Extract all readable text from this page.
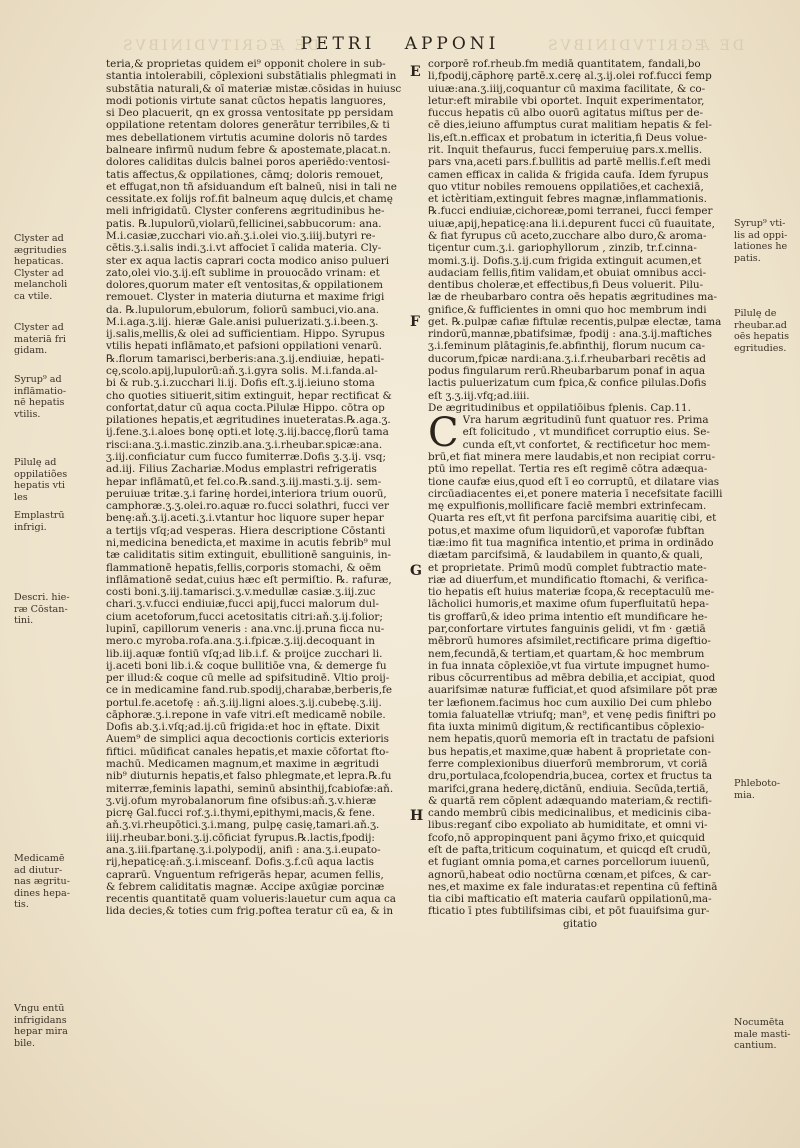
DE ÆGRITVDINIBVS	DE ÆGRITVDINIBVS
PETRI APPONI
Clyster ad
ægritudies
hepaticas.
Clyster ad
melancholi
ca vtile.
Clyster ad
materiā fri
gidam.
Syrup⁹ ad
inflāmatio-
nē hepatis
vtilis.
Pilulę ad
oppilatiões
hepatis vti
les
Emplastrū
infrigi.
Descri. hie-
ræ Cōstan-
tini.
Medicamē
ad diutur-
nas ægritu-
dines hepa-
tis.
Vngu entū
infrigidans
hepar mira
bile.
Syrup⁹ vti-
lis ad oppi-
lationes he
patis.
Pilulę de
rheubar.ad
oēs hepatis
egritudies.
Phleboto-
mia.
Nocumēta
male masti-
cantium.
E
F
G
H
teria,& proprietas quidem ei⁹ opponit cholere in sub-
stantia intolerabili, cōplexioni substātialis phlegmati in
substātia naturali,& oī materiæ mistæ.cōsidas in huiusc
modi potionis virtute sanat cūctos hepatis languores,
si Deo placuerit, qn ex grossa ventositate pp persidam
oppilatione retentam dolores generātur terribiles,& ti
mes debellationem virtutis acumine doloris nō tardes
balneare infirmū nudum febre & apostemate,placat.n.
dolores caliditas dulcis balnei poros aperiēdo:ventosi-
tatis affectus,& oppilationes, cāmq; doloris remouet,
et effugat,non tñ afsiduandum eſt balneū, nisi in tali ne
cessitate.ex folijs rof.fit balneum aquę dulcis,et chamę
meli infrigidatū. Clyster conferens ægritudinibus he-
patis. ℞.lupulorū,violarū,fellicinei,sabbucorum: ana.
M.i.casiæ,zucchari vio.aň.ʒ.i.olei vio.ʒ.iiij.butyri re-
cētis.ʒ.i.salis indi.ʒ.i.vt affociet ī calida materia. Cly-
ster ex aqua lactis caprari cocta modico aniso pulueri
zato,olei vio.ʒ.ij.eſt sublime in prouocādo vrinam: et
dolores,quorum mater eſt ventositas,& oppilationem
remouet. Clyster in materia diuturna et maxime frigi
da. ℞.lupulorum,ebulorum, foliorū sambuci,vio.ana.
M.i.aga.ʒ.iij. hieræ Gale.anisi puluerizati.ʒ.i.been.ʒ.
ij.salis,mellis,& olei ad sufficientiam. Hippo. Syrupus
vtilis hepati inflāmato,et pafsioni oppilationi venarū.
℞.florum tamarisci,berberis:ana.ʒ.ij.endiuiæ, hepati-
cę,scolo.apij,lupulorū:aň.ʒ.i.gyra solis. M.i.fanda.al-
bi & rub.ʒ.i.zucchari li.ij. Dofis eſt.ʒ.ij.ieiuno stoma
cho quoties sitiuerit,sitim extinguit, hepar rectificat &
confortat,datur cū aqua cocta.Pilulæ Hippo. cōtra op
pilationes hepatis,et ægritudines inueteratas.℞.aga.ʒ.
ij.fene.ʒ.i.aloes bonę opti.et lotę.ʒ.iij.baccę,florū tama
risci:ana.ʒ.i.mastic.zinzib.ana.ʒ.i.rheubar.spicæ:ana.
ʒ.iij.conficiatur cum fucco fumiterræ.Dofis ʒ.ʒ.ij. vsq;
ad.iij. Filius Zachariæ.Modus emplastri refrigeratis
hepar inflāmatū,et fel.co.℞.sand.ʒ.iij.masti.ʒ.ij. sem-
peruiuæ tritæ.ʒ.i farinę hordei,interiora trium ouorū,
camphoræ.ʒ.ʒ.olei.ro.aquæ ro.fucci solathri, fucci ver
benę:aň.ʒ.ij.aceti.ʒ.i.vtantur hoc liquore super hepar
a tertijs vſq;ad vesperas. Hiera descriptione Cōstanti
ni,medicina benedicta,et maxime in acutis febrib⁹ mul
tæ caliditatis sitim extinguit, ebullitionē sanguinis, in-
flammationē hepatis,fellis,corporis stomachi, & oēm
inflāmationē sedat,cuius hæc eſt permiſtio. ℞. rafuræ,
costi boni.ʒ.iij.tamarisci.ʒ.v.medullæ casiæ.ʒ.iij.zuc
chari.ʒ.v.fucci endiuiæ,fucci apij,fucci malorum dul-
cium acetoforum,fucci acetositatis citri:aň.ʒ.ij.folior;
lupinī, capillorum veneris : ana.vnc.ij.pruna ficca nu-
mero.c myroba.rofa.ana.ʒ.i.fpicæ.ʒ.iij.decoquant in
lib.iij.aquæ fontiū vſq;ad lib.i.f. & proijce zucchari li.
ij.aceti boni lib.i.& coque bullitiōe vna, & demerge fu
per illud:& coque cū melle ad spifsitudinē. Vltio proij-
ce in medicamine fand.rub.spodij,charabæ,berberis,fe
portul.fe.acetofę : aň.ʒ.iij.ligni aloes.ʒ.ij.cubebę.ʒ.iij.
cāphoræ.ʒ.i.repone in vafe vitri.eſt medicamē nobile.
Dofis ab.ʒ.i.vſq;ad.ij.cū frigida:et hoc in ęftate. Dixit
Auem⁹ de simplici aqua decoctionis corticis exterioris
fiftici. mūdificat canales hepatis,et maxie cōfortat fto-
machū. Medicamen magnum,et maxime in ægritudi
nib⁹ diuturnis hepatis,et falso phlegmate,et lepra.℞.fu
miterræ,feminis lapathi, seminū absinthij,fcabiofæ:aň.
ʒ.vij.ofum myrobalanorum fine ofsibus:aň.ʒ.v.hieræ
picrę Gal.fucci rof.ʒ.i.thymi,epithymi,macis,& fene.
aň.ʒ.vi.rheupōtici.ʒ.i.mang, pulpę casię,tamari.aň.ʒ.
iiij.rheubar.boni.ʒ.ij.cōficiat fyrupus.℞.lactis,fpodij:
ana.ʒ.iii.fpartanę.ʒ.i.polypodij, anifi : ana.ʒ.i.eupato-
rij,hepaticę:aň.ʒ.i.misceanf. Dofis.ʒ.f.cū aqua lactis
caprarū. Vnguentum refrigerās hepar, acumen fellis,
& febrem caliditatis magnæ. Accipe axūgiæ porcinæ
recentis quantitatē quam volueris:lauetur cum aqua ca
lida decies,& toties cum frig.poftea teratur cū ea, & in
corporē rof.rheub.fm mediā quantitatem, fandali,bo
li,fpodij,căphorę partē.x.cerę al.ʒ.ij.olei rof.fucci femp
uiuæ:ana.ʒ.iiij,coquantur cū maxima facilitate, & co-
letur:eft mirabile vbi oportet. Inquit experimentator,
fuccus hepatis cū albo ouorū agitatus miſtus per de-
cē dies,ieiuno affumptus curat malitiam hepatis & fel-
lis,eſt.n.efficax et probatum in icteritia,fi Deus volue-
rit. Inquit thefaurus, fucci femperuiuę pars.x.mellis.
pars vna,aceti pars.f.bullitis ad partē mellis.f.eſt medi
camen efficax in calida & frigida caufa. Idem fyrupus
quo vtitur nobiles remouens oppilatiōes,et cachexiā,
et ictèritiam,extinguit febres magnæ,inflammationis.
℞.fucci endiuiæ,cichoreæ,pomi terranei, fucci femper
uiuæ,apij,hepaticę:ana li.i.depurent fucci cū fuauitate,
& fiat fyrupus cū aceto,zucchare albo duro,& aroma-
tiçentur cum.ʒ.i. gariophyllorum , zinzib, tr.f.cinna-
momi.ʒ.ij. Dofis.ʒ.ij.cum frigida extinguit acumen,et
audaciam fellis,fitim validam,et obuiat omnibus acci-
dentibus choleræ,et effectibus,fi Deus voluerit. Pilu-
læ de rheubarbaro contra oēs hepatis ægritudines ma-
gnifice,& fufficientes in omni quo hoc membrum indi
get. ℞.pulpæ cafiæ fiftulæ recentis,pulpæ electæ, tama
rindorū,mannæ,pbatifsimæ, fpodij : ana.ʒ.ij.maftiches
ʒ.i.feminum plātaginis,fe.abfinthij, florum nucum ca-
ducorum,fpicæ nardi:ana.ʒ.i.f.rheubarbari recētis ad
podus fingularum rerū.Rheubarbarum ponaf in aqua
lactis puluerizatum cum fpica,& confice pilulas.Dofis
eſt ʒ.ʒ.iij.vfq;ad.iiii.
De ægritudinibus et oppilatiōibus fplenis. Cap.11.
C Vra harum ægritudinū funt quatuor res. Prima
eſt folicitudo , vt mundificet corruptio eius. Se-
cunda eſt,vt confortet, & rectificetur hoc mem-
brū,et fiat minera mere laudabis,et non recipiat corru-
ptū imo repellat. Tertia res eſt regimē cōtra adæqua-
tione caufæ eius,quod eſt ī eo corruptū, et dilatare vias
circūadiacentes ei,et ponere materia ī necefsitate facilli
mę expulfionis,mollificare faciē membri extrinfecam.
Quarta res eſt,vt fit perfona parcifsima auaritię cibi, et
potus,et maxime ofum liquidorū,et vaporofæ fubftan
tiæ:imo fit tua magnifica intentio,et prima in ordinādo
diætam parcifsimā, & laudabilem in quanto,& quali,
et proprietate. Primū modū complet fubtractio mate-
riæ ad diuerfum,et mundificatio ftomachi, & verifica-
tio hepatis eſt huius materiæ fcopa,& receptaculū me-
lācholici humoris,et maxime ofum fuperfluitatū hepa-
tis groffarū,& ideo prima intentio eſt mundificare he-
par,confortare virtutes fanguinis gelidi, vt fm · gætiā
mēbrorū humores afsimilet,rectificare prima digeftio-
nem,fecundā,& tertiam,et quartam,& hoc membrum
in fua innata cōplexiōe,vt fua virtute impugnet humo-
ribus cōcurrentibus ad mēbra debilia,et accipiat, quod
auarifsimæ naturæ fufficiat,et quod afsimilare pōt præ
ter læfionem.facimus hoc cum auxilio Dei cum phlebo
tomia faluatellæ vtriufq; man⁹, et venę pedis finiftri po
fita iuxta minimū digitum,& rectificantibus cōplexio-
nem hepatis,quorū memoria eſt in tractatu de pafsioni
bus hepatis,et maxime,quæ habent ā proprietate con-
ferre complexionibus diuerforū membrorum, vt coriā
dru,portulaca,fcolopendria,bucea, cortex et fructus ta
marifci,grana hederę,dictānū, endiuia. Secūda,tertiā,
& quartā rem cōplent adæquando materiam,& rectifi-
cando membrū cibis medicinalibus, et medicinis ciba-
libus:reganť cibo expoliato ab humiditate, et omni vi-
fcofo,nō appropinquent pani āçymo frixo,et quicquid
eſt de pafta,triticum coquinatum, et quicqd eſt crudū,
et fugiant omnia poma,et carnes porcellorum iuuenū,
agnorū,habeat odio noctūrna cœnam,et pifces, & car-
nes,et maxime ex fale induratas:et repentina cū feftinā
tia cibi mafticatio eſt materia caufarū oppilationū,ma-
fticatio ī ptes fubtilifsimas cibi, et pōt fuauifsima gur-
gitatio
